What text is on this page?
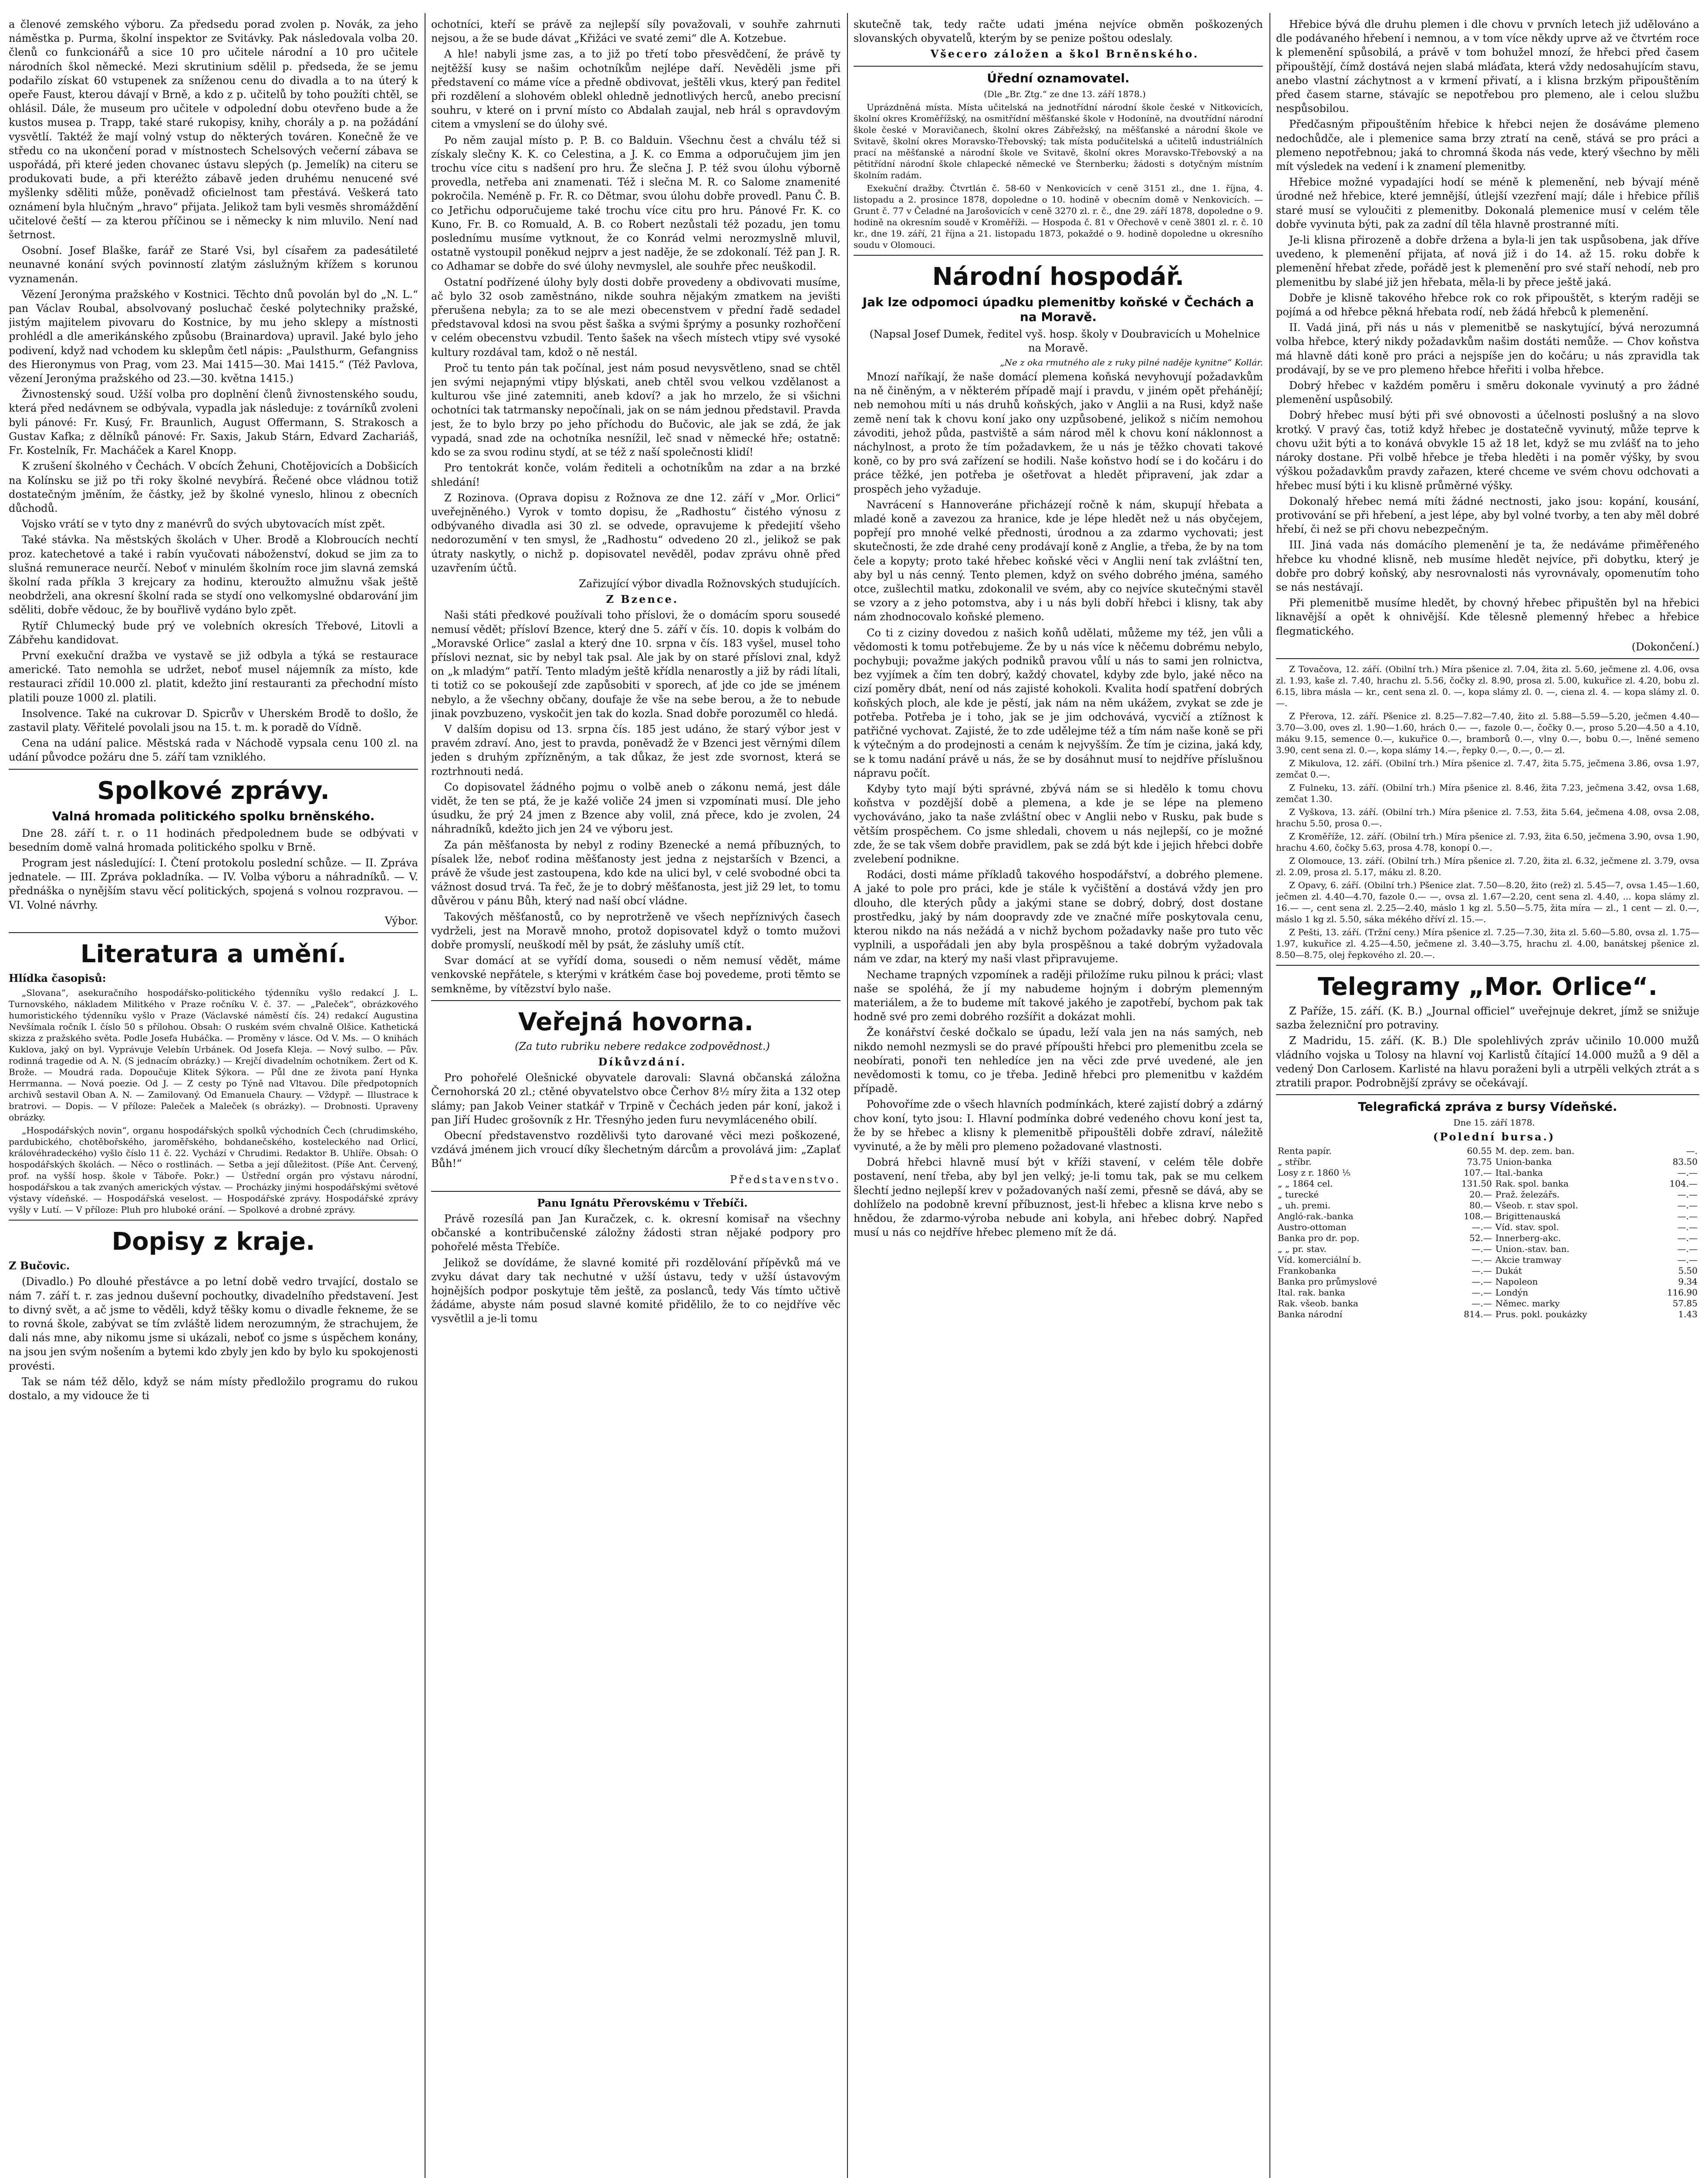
a členové zemského výboru. Za předsedu porad zvolen p. Novák, za jeho náměstka p. Purma, školní inspektor ze Svitávky. Pak následovala volba 20. členů co funkcionářů a sice 10 pro učitele národní a 10 pro učitele národních škol německé. Mezi skrutinium sdělil p. předseda, že se jemu podařilo získat 60 vstupenek za sníženou cenu do divadla a to na úterý k opeře Faust, kterou dávají v Brně, a kdo z p. učitelů by toho použíti chtěl, se ohlásil. Dále, že museum pro učitele v odpolední dobu otevřeno bude a že kustos musea p. Trapp, také staré rukopisy, knihy, chorály a p. na požádání vysvětlí. Taktéž že mají volný vstup do některých továren. Konečně že ve středu co na ukončení porad v místnostech Schelsových večerní zábava se uspořádá, při které jeden chovanec ústavu slepých (p. Jemelík) na citeru se produkovati bude, a při kteréžto zábavě jeden druhému nenucené své myšlenky sděliti může, poněvadž oficielnost tam přestává. Veškerá tato oznámení byla hlučným „hravo“ přijata. Jelikož tam byli vesměs shromáždění učitelové čeští — za kterou příčinou se i německy k nim mluvilo. Není nad šetrnost.

Osobní. Josef Blaške, farář ze Staré Vsi, byl císařem za padesátileté neunavné konání svých povinností zlatým záslužným křížem s korunou vyznamenán.

Vězení Jeronýma pražského v Kostnici. Těchto dnů povolán byl do „N. L.“ pan Václav Roubal, absolvovaný posluchač české polytechniky pražské, jistým majitelem pivovaru do Kostnice, by mu jeho sklepy a místnosti prohlédl a dle amerikánského způsobu (Brainardova) upravil. Jaké bylo jeho podivení, když nad vchodem ku sklepům četl nápis: „Paulsthurm, Gefangniss des Hieronymus von Prag, vom 23. Mai 1415—30. Mai 1415.“ (Též Pavlova, vězení Jeronýma pražského od 23.—30. května 1415.)

Živnostenský soud. Užší volba pro doplnění členů živnostenského soudu, která před nedávnem se odbývala, vypadla jak následuje: z továrníků zvoleni byli pánové: Fr. Kusý, Fr. Braunlich, August Offermann, S. Strakosch a Gustav Kafka; z dělníků pánové: Fr. Saxis, Jakub Stárn, Edvard Zachariáš, Fr. Kostelník, Fr. Macháček a Karel Knopp.

K zrušení školného v Čechách. V obcích Žehuni, Chotějovicích a Dobšicích na Kolínsku se již po tři roky školné nevybírá. Řečené obce vládnou totiž dostatečným jměním, že částky, jež by školné vyneslo, hlinou z obecních důchodů.

Vojsko vrátí se v tyto dny z manévrů do svých ubytovacích míst zpět.

Také stávka. Na městských školách v Uher. Brodě a Klobroucích nechtí proz. katechetové a také i rabín vyučovati náboženství, dokud se jim za to slušná remunerace neurčí. Neboť v minulém školním roce jim slavná zemská školní rada příkla 3 krejcary za hodinu, kteroužto almužnu však ještě neobdrželi, ana okresní školní rada se stydí ono velkomyslné obdarování jim sděliti, dobře vědouc, že by bouřlivě vydáno bylo zpět.

Rytíř Chlumecký bude prý ve volebních okresích Třebové, Litovli a Zábřehu kandidovat.

První exekuční dražba ve vystavě se již odbyla a týká se restaurace americké. Tato nemohla se udržet, neboť musel nájemník za místo, kde restauraci zřídil 10.000 zl. platit, kdežto jiní restauranti za přechodní místo platili pouze 1000 zl. platili.

Insolvence. Také na cukrovar D. Spicrův v Uherském Brodě to došlo, že zastavil platy. Věřitelé povolali jsou na 15. t. m. k poradě do Vídně.

Cena na udání palice. Městská rada v Náchodě vypsala cenu 100 zl. na udání původce požáru dne 5. září tam vzniklého.

Spolkové zprávy.
Valná hromada politického spolku brněnského.

Dne 28. září t. r. o 11 hodinách předpolednem bude se odbývati v besedním domě valná hromada politického spolku v Brně.

Program jest následující: I. Čtení protokolu poslední schůze. — II. Zpráva jednatele. — III. Zpráva pokladníka. — IV. Volba výboru a náhradníků. — V. přednáška o nynějším stavu věcí politických, spojená s volnou rozpravou. — VI. Volné návrhy.

Výbor.

Literatura a umění.

Hlídka časopisů:

„Slovana“, asekuračního hospodářsko-politického týdenníku vyšlo redakcí J. L. Turnovského, nákladem Militkého v Praze ročníku V. č. 37. — „Paleček“, obrázkového humoristického týdenníku vyšlo v Praze (Václavské náměstí čís. 24) redakcí Augustina Nevšímala ročník I. číslo 50 s přílohou. Obsah: O ruském svém chvalně Olšice. Kathetická skizza z pražského světa. Podle Josefa Hubáčka. — Proměny v lásce. Od V. Ms. — O knihách Kuklova, jaký on byl. Vyprávuje Velebín Urbánek. Od Josefa Kleja. — Nový sulbo. — Pův. rodinná tragedie od A. N. (S jednacím obrázky.) — Krejčí divadelním ochotníkem. Žert od K. Brože. — Moudrá rada. Dopoučuje Klitek Sýkora. — Půl dne ze života paní Hynka Herrmanna. — Nová poezie. Od J. — Z cesty po Týně nad Vltavou. Díle předpotopních archivů sestavil Oban A. N. — Zamilovaný. Od Emanuela Chaury. — Vždypř. — Illustrace k bratrovi. — Dopis. — V příloze: Paleček a Maleček (s obrázky). — Drobnosti. Upraveny obrázky.

„Hospodářských novin“, organu hospodářských spolků východních Čech (chrudimského, pardubického, chotěbořského, jaroměřského, bohdanečského, kosteleckého nad Orlicí, královéhradeckého) vyšlo číslo 11 č. 22. Vychází v Chrudimi. Redaktor B. Uhlíře. Obsah: O hospodářských školách. — Něco o rostlinách. — Setba a její důležitost. (Píše Ant. Červený, prof. na vyšší hosp. škole v Táboře. Pokr.) — Ústřední orgán pro výstavu národní, hospodářskou a tak zvaných amerických výstav. — Procházky jinými hospodářskými světové výstavy vídeňské. — Hospodářská veselost. — Hospodářské zprávy. Hospodářské zprávy vyšly v Lutí. — V příloze: Pluh pro hluboké orání. — Spolkové a drobné zprávy.

Dopisy z kraje.

Z Bučovic.

(Divadlo.) Po dlouhé přestávce a po letní době vedro trvající, dostalo se nám 7. září t. r. zas jednou duševní pochoutky, divadelního představení. Jest to divný svět, a ač jsme to věděli, když těšky komu o divadle řekneme, že se to rovná škole, zabývat se tím zvláště lidem nerozumným, že strachujem, že dali nás mne, aby nikomu jsme si ukázali, neboť co jsme s úspěchem konány, na jsou jen svým nošením a bytemi kdo zbyly jen kdo by bylo ku spokojenosti provésti.

Tak se nám též dělo, když se nám místy předložilo programu do rukou dostalo, a my vidouce že ti

ochotníci, kteří se právě za nejlepší síly považovali, v souhře zahrnuti nejsou, a že se bude dávat „Křižáci ve svaté zemi“ dle A. Kotzebue.

A hle! nabyli jsme zas, a to již po třetí tobo přesvědčení, že právě ty nejtěžší kusy se našim ochotníkům nejlépe daří. Nevěděli jsme při představení co máme více a předně obdivovat, ještěli vkus, který pan ředitel při rozdělení a slohovém oblekl ohledně jednotlivých herců, anebo precisní souhru, v které on i první místo co Abdalah zaujal, neb hrál s opravdovým citem a vmyslení se do úlohy své.

Po něm zaujal místo p. P. B. co Balduin. Všechnu čest a chválu též si získaly slečny K. K. co Celestina, a J. K. co Emma a odporučujem jim jen trochu více citu s nadšení pro hru. Že slečna J. P. též svou úlohu výborně provedla, netřeba ani znamenati. Též i slečna M. R. co Salome znamenité pokročila. Neméně p. Fr. R. co Dětmar, svou úlohu dobře provedl. Panu Č. B. co Jetřichu odporučujeme také trochu více citu pro hru. Pánové Fr. K. co Kuno, Fr. B. co Romuald, A. B. co Robert nezůstali též pozadu, jen tomu poslednímu musíme vytknout, že co Konrád velmi nerozmyslně mluvil, ostatně vystoupil poněkud nejprv a jest naděje, že se zdokonalí. Též pan J. R. co Adhamar se dobře do své úlohy nevmyslel, ale souhře přec neuškodil.

Ostatní podřízené úlohy byly dosti dobře provedeny a obdivovati musíme, ač bylo 32 osob zaměstnáno, nikde souhra nějakým zmatkem na jevišti přerušena nebyla; za to se ale mezi obecenstvem v přední řadě sedadel představoval kdosi na svou pěst šaška a svými šprýmy a posunky rozhořčení v celém obecenstvu vzbudil. Tento šašek na všech místech vtipy své vysoké kultury rozdával tam, kdož o ně nestál.

Proč tu tento pán tak počínal, jest nám posud nevysvětleno, snad se chtěl jen svými nejapnými vtipy blýskati, aneb chtěl svou velkou vzdělanost a kulturou vše jiné zatemniti, aneb kdoví? a jak ho mrzelo, že si všichni ochotníci tak tatrmansky nepočínali, jak on se nám jednou představil. Pravda jest, že to bylo brzy po jeho příchodu do Bučovic, ale jak se zdá, že jak vypadá, snad zde na ochotníka nesnížil, leč snad v německé hře; ostatně: kdo se za svou rodinu stydí, at se též z naší společnosti klidí!

Pro tentokrát konče, volám řediteli a ochotníkům na zdar a na brzké shledání!

Z Rozinova. (Oprava dopisu z Rožnova ze dne 12. září v „Mor. Orlici“ uveřejněného.) Vyrok v tomto dopisu, že „Radhostu“ čistého výnosu z odbývaného divadla asi 30 zl. se odvede, opravujeme k předejití všeho nedorozumění v ten smysl, že „Radhostu“ odvedeno 20 zl., jelikož se pak útraty naskytly, o nichž p. dopisovatel nevěděl, podav zprávu ohně před uzavřením účtů.

Zařizující výbor divadla Rožnovských studujících.

Z Bzence.

Naši státi předkové používali toho příslovi, že o domácím sporu sousedé nemusí vědět; přísloví Bzence, který dne 5. září v čís. 10. dopis k volbám do „Moravské Orlice“ zaslal a který dne 10. srpna v čís. 183 vyšel, musel toho příslovi neznat, sic by nebyl tak psal. Ale jak by on staré příslovi znal, když on „k mladým“ patří. Tento mladým ještě křídla nenarostly a již by rádi lítali, ti totiž co se pokoušejí zde zapůsobiti v sporech, ať jde co jde se jménem nebylo, a že všechny občany, doufaje že vše na sebe berou, a že to nebude jinak povzbuzeno, vyskočit jen tak do kozla. Snad dobře porozuměl co hledá.

V dalším dopisu od 13. srpna čís. 185 jest udáno, že starý výbor jest v pravém zdraví. Ano, jest to pravda, poněvadž že v Bzenci jest věrnými dílem jeden s druhým zpřízněným, a tak důkaz, že jest zde svornost, která se roztrhnouti nedá.

Co dopisovatel žádného pojmu o volbě aneb o zákonu nemá, jest dále vidět, že ten se ptá, že je kažé voliče 24 jmen si vzpomínati musí. Dle jeho úsudku, že prý 24 jmen z Bzence aby volil, zná přece, kdo je zvolen, 24 náhradníků, kdežto jich jen 24 ve výboru jest.

Za pán měšťanosta by nebyl z rodiny Bzenecké a nemá příbuzných, to písalek lže, neboť rodina měšťanosty jest jedna z nejstarších v Bzenci, a právě že všude jest zastoupena, kdo kde na ulici byl, v celé svobodné obci ta vážnost dosud trvá. Ta řeč, že je to dobrý měšťanosta, jest již 29 let, to tomu důvěrou v pánu Bůh, který nad naší obcí vládne.

Takových měšťanostů, co by neprotrženě ve všech nepříznivých časech vydrželi, jest na Moravě mnoho, protož dopisovatel když o tomto mužovi dobře promyslí, neuškodí měl by psát, že zásluhy umíš ctít.

Svar domácí at se vyřídí doma, sousedi o něm nemusí vědět, máme venkovské nepřátele, s kterými v krátkém čase boj povedeme, proti těmto se semkněme, by vítězství bylo naše.

Veřejná hovorna.

(Za tuto rubriku nebere redakce zodpovědnost.)

Díkůvzdání.

Pro pohořelé Olešnické obyvatele darovali: Slavná občanská záložna Černohorská 20 zl.; ctěné obyvatelstvo obce Čerhov 8¹⁄₂ míry žita a 132 otep slámy; pan Jakob Veiner statkář v Trpině v Čechách jeden pár koní, jakož i pan Jiří Hudec grošovník z Hr. Třesnýho jeden furu nevymláceného obilí.

Obecní představenstvo rozdělivši tyto darované věci mezi poškozené, vzdává jménem jich vroucí díky šlechetným dárcům a provolává jim: „Zaplať Bůh!“

Představenstvo.

Panu Ignátu Přerovskému v Třebíči.

Právě rozesílá pan Jan Kuračzek, c. k. okresní komisař na všechny občanské a kontribučenské záložny žádosti stran nějaké podpory pro pohořelé města Třebíče.

Jelikož se dovídáme, že slavné komité při rozdělování přípěvků má ve zvyku dávat dary tak nechutné v užší ústavu, tedy v užší ústavovým hojnějších podpor poskytuje těm ještě, za poslanců, tedy Vás tímto učtivě žádáme, abyste nám posud slavné komité přidělilo, že to co nejdříve věc vysvětlil a je-li tomu

skutečně tak, tedy račte udati jména nejvíce obměn poškozených slovanských obyvatelů, kterým by se penize poštou odeslaly.

Všecero záložen a škol Brněnského.

Úřední oznamovatel.

(Dle „Br. Ztg.“ ze dne 13. září 1878.)

Uprázdněná místa. Místa učitelská na jednotřídní národní škole české v Nitkovicích, školní okres Kroměřížský, na osmitřídní měšťanské škole v Hodoníně, na dvoutřídní národní škole české v Moravičanech, školní okres Zábřežský, na měšťanské a národní škole ve Svitavě, školní okres Moravsko-Třebovský; tak místa podučitelská a učitelů industriálních prací na měšťanské a národní škole ve Svitavě, školní okres Moravsko-Třebovský a na pětitřídní národní škole chlapecké německé ve Šternberku; žádosti s dotyčným místním školním radám.

Exekuční dražby. Čtvrtlán č. 58-60 v Nenkovicích v ceně 3151 zl., dne 1. října, 4. listopadu a 2. prosince 1878, dopoledne o 10. hodině v obecním domě v Nenkovicích. — Grunt č. 77 v Čeladné na Jarošovicích v ceně 3270 zl. r. č., dne 29. září 1878, dopoledne o 9. hodině na okresním soudě v Kroměříži. — Hospoda č. 81 v Ořechově v ceně 3801 zl. r. č. 10 kr., dne 19. září, 21 října a 21. listopadu 1873, pokaždé o 9. hodině dopoledne u okresního soudu v Olomouci.

Národní hospodář.
Jak lze odpomoci úpadku plemenitby koňské v Čechách a na Moravě.

(Napsal Josef Dumek, ředitel vyš. hosp. školy v Doubravicích u Mohelnice na Moravě.

„Ne z oka rmutného ale z ruky pilné naděje kynitne“ Kollár.

Mnozí naříkají, že naše domácí plemena koňská nevyhovují požadavkům na ně činěným, a v některém případě mají i pravdu, v jiném opět přehánějí; neb nemohou míti u nás druhů koňských, jako v Anglii a na Rusi, když naše země není tak k chovu koní jako ony uzpůsobené, jelikož s ničím nemohou závoditi, jehož půda, pastviště a sám národ měl k chovu koní náklonnost a náchylnost, a proto že tím požadavkem, že u nás je těžko chovati takové koně, co by pro svá zařízení se hodili. Naše koňstvo hodí se i do kočáru i do práce těžké, jen potřeba je ošetřovat a hledět připravení, jak zdar a prospěch jeho vyžaduje.

Navrácení s Hannoveráne přicházejí ročně k nám, skupují hřebata a mladé koně a zavezou za hranice, kde je lépe hledět než u nás obyčejem, popřejí pro mnohé velké přednosti, úrodnou a za zdarmo vychovati; jest skutečnosti, že zde drahé ceny prodávají koně z Anglie, a třeba, že by na tom čele a kopyty; proto také hřebec koňské věci v Anglii není tak zvláštní ten, aby byl u nás cenný. Tento plemen, když on svého dobrého jména, samého otce, zušlechtil matku, zdokonalil ve svém, aby co nejvíce skutečnými stavěl se vzory a z jeho potomstva, aby i u nás byli dobří hřebci i klisny, tak aby nám zhodnocovalo koňské plemeno.

Co ti z ciziny dovedou z našich koňů udělati, můžeme my též, jen vůli a vědomosti k tomu potřebujeme. Že by u nás více k něčemu dobrému nebylo, pochybuji; považme jakých podniků pravou vůlí u nás to sami jen rolnictva, bez vyjímek a čím ten dobrý, každý chovatel, kdyby zde bylo, jaké něco na cizí poměry dbát, není od nás zajisté kohokoli. Kvalita hodí spatření dobrých koňských ploch, ale kde je pěstí, jak nám na něm ukážem, zvykat se zde je potřeba. Potřeba je i toho, jak se je jim odchovává, vycvičí a ztížnost k patřičné vychovat. Zajisté, že to zde udělejme též a tím nám naše koně se při k výtečným a do prodejnosti a cenám k nejvyšším. Že tím je cizina, jaká kdy, se k tomu nadání právě u nás, že se by dosáhnut musí to nejdříve příslušnou nápravu počít.

Kdyby tyto mají býti správné, zbývá nám se si hledělo k tomu chovu koňstva v pozdější době a plemena, a kde je se lépe na plemeno vychováváno, jako ta naše zvláštní obec v Anglii nebo v Rusku, pak bude s větším prospěchem. Co jsme shledali, chovem u nás nejlepší, co je možné zde, že se tak všem dobře pravidlem, pak se zdá být kde i jejich hřebci dobře zvelebení podnikne.

Rodáci, dosti máme příkladů takového hospodářství, a dobrého plemene. A jaké to pole pro práci, kde je stále k vyčištění a dostává vždy jen pro dlouho, dle kterých půdy a jakými stane se dobrý, dobrý, dost dostane prostředku, jaký by nám doopravdy zde ve značné míře poskytovala cenu, kterou nikdo na nás nežádá a v nichž bychom požadavky naše pro tuto věc vyplnili, a uspořádali jen aby byla prospěšnou a také dobrým vyžadovala nám ve zdar, na který my naši vlast připravujeme.

Nechame trapných vzpomínek a raději přiložíme ruku pilnou k práci; vlast naše se spoléhá, že jí my nabudeme hojným i dobrým plemenným materiálem, a že to budeme mít takové jakého je zapotřebí, bychom pak tak hodně své pro zemi dobrého rozšířit a dokázat mohli.

Že konářství české dočkalo se úpadu, leží vala jen na nás samých, neb nikdo nemohl nezmysli se do pravé přípoušti hřebci pro plemenitbu zcela se neobírati, ponoři ten nehledíce jen na věci zde prvé uvedené, ale jen nevědomosti k tomu, co je třeba. Jedině hřebci pro plemenitbu v každém případě.

Pohovoříme zde o všech hlavních podmínkách, které zajistí dobrý a zdárný chov koní, tyto jsou: I. Hlavní podmínka dobré vedeného chovu koní jest ta, že by se hřebec a klisny k plemenitbě připouštěli dobře zdraví, náležitě vyvinuté, a že by měli pro plemeno požadované vlastnosti.

Dobrá hřebci hlavně musí být v kříži stavení, v celém těle dobře postavení, není třeba, aby byl jen velký; je-li tomu tak, pak se mu celkem šlechtí jedno nejlepší krev v požadovaných naší zemi, přesně se dává, aby se dohlíželo na podobně krevní příbuznost, jest-li hřebec a klisna krve nebo s hnědou, že zdarmo-výroba nebude ani kobyla, ani hřebec dobrý. Napřed musí u nás co nejdříve hřebec plemeno mít že dá.

Hřebice bývá dle druhu plemen i dle chovu v prvních letech již udělováno a dle podávaného hřebení i nemnou, a v tom více někdy uprve až ve čtvrtém roce k plemenění spůsobilá, a právě v tom bohužel mnozí, že hřebci před časem připouštějí, čímž dostává nejen slabá mláďata, která vždy nedosahujícím stavu, anebo vlastní záchytnost a v krmení přivatí, a i klisna brzkým připouštěním před časem starne, stávajíc se nepotřebou pro plemeno, ale i celou službu nespůsobilou.

Předčasným připouštěním hřebice k hřebci nejen že dosáváme plemeno nedochůdče, ale i plemenice sama brzy ztratí na ceně, stává se pro práci a plemeno nepotřebnou; jaká to chromná škoda nás vede, který všechno by měli mít výsledek na vedení i k znamení plemenitby.

Hřebice možné vypadajíci hodí se méně k plemenění, neb bývají méně úrodné než hřebice, které jemnější, útlejší vzezření mají; dále i hřebice příliš staré musí se vyloučiti z plemenitby. Dokonalá plemenice musí v celém těle dobře vyvinuta býti, pak za zadní díl těla hlavně prostranné míti.

Je-li klisna přirozeně a dobře držena a byla-li jen tak uspůsobena, jak dříve uvedeno, k plemenění přijata, ať nová již i do 14. až 15. roku dobře k plemenění hřebat zřede, pořádě jest k plemenění pro své staří nehodí, neb pro plemenitbu by slabé již jen hřebata, měla-li by přece ještě jaká.

Dobře je klisně takového hřebce rok co rok připouštět, s kterým raději se pojímá a od hřebce pěkná hřebata rodí, neb žádá hřebců k plemenění.

II. Vadá jiná, při nás u nás v plemenitbě se naskytující, bývá nerozumná volba hřebce, který nikdy požadavkům našim dostáti nemůže. — Chov koňstva má hlavně dáti koně pro práci a nejspíše jen do kočáru; u nás zpravidla tak prodávají, by se ve pro plemeno hřebce hřeřiti i volba hřebce.

Dobrý hřebec v každém poměru i směru dokonale vyvinutý a pro žádné plemenění uspůsobilý.

Dobrý hřebec musí býti při své obnovosti a účelnosti poslušný a na slovo krotký. V pravý čas, totiž když hřebec je dostatečně vyvinutý, může teprve k chovu užit býti a to konává obvykle 15 až 18 let, když se mu zvlášť na to jeho nároky dostane. Při volbě hřebce je třeba hleděti i na poměr výšky, by svou výškou požadavkům pravdy zařazen, které chceme ve svém chovu odchovati a hřebec musí býti i ku klisně průměrné výšky.

Dokonalý hřebec nemá míti žádné nectnosti, jako jsou: kopání, kousání, protivování se při hřebení, a jest lépe, aby byl volné tvorby, a ten aby měl dobré hřebí, či než se při chovu nebezpečným.

III. Jiná vada nás domácího plemenění je ta, že nedáváme přiměřeného hřebce ku vhodné klisně, neb musíme hledět nejvíce, při dobytku, který je dobře pro dobrý koňský, aby nesrovnalosti nás vyrovnávaly, opomenutím toho se nás nestávají.

Při plemenitbě musíme hledět, by chovný hřebec připuštěn byl na hřebici liknavější a opět k ohnivější. Kde tělesně plemenný hřebec a hřebice flegmatického.

(Dokončení.)

Z Tovačova, 12. září. (Obilní trh.) Míra pšenice zl. 7.04, žita zl. 5.60, ječmene zl. 4.06, ovsa zl. 1.93, kaše zl. 7.40, hrachu zl. 5.56, čočky zl. 8.90, prosa zl. 5.00, kukuřice zl. 4.20, bobu zl. 6.15, libra másla — kr., cent sena zl. 0. —, kopa slámy zl. 0. —, ciena zl. 4. — kopa slámy zl. 0.—.

Z Přerova, 12. září. Pšenice zl. 8.25—7.82—7.40, žito zl. 5.88—5.59—5.20, ječmen 4.40—3.70—3.00, oves zl. 1.90—1.60, hrách 0.— —, fazole 0.—, čočky 0.—, proso 5.20—4.50 a 4.10, máku 9.15, semence 0.—, kukuřice 0.—, bramborů 0.—, vlny 0.—, bobu 0.—, lněné semeno 3.90, cent sena zl. 0.—, kopa slámy 14.—, řepky 0.—, 0.—, 0.— zl.

Z Mikulova, 12. září. (Obilní trh.) Míra pšenice zl. 7.47, žita 5.75, ječmena 3.86, ovsa 1.97, zemčat 0.—.

Z Fulneku, 13. září. (Obilní trh.) Míra pšenice zl. 8.46, žita 7.23, ječmena 3.42, ovsa 1.68, zemčat 1.30.

Z Vyškova, 13. září. (Obilní trh.) Míra pšenice zl. 7.53, žita 5.64, ječmena 4.08, ovsa 2.08, hrachu 5.50, prosa 0.—.

Z Kroměříže, 12. září. (Obilní trh.) Míra pšenice zl. 7.93, žita 6.50, ječmena 3.90, ovsa 1.90, hrachu 4.60, čočky 5.63, prosa 4.78, konopí 0.—.

Z Olomouce, 13. září. (Obilní trh.) Míra pšenice zl. 7.20, žita zl. 6.32, ječmene zl. 3.79, ovsa zl. 2.09, prosa zl. 5.17, máku zl. 8.20.

Z Opavy, 6. září. (Obilní trh.) Pšenice zlat. 7.50—8.20, žito (rež) zl. 5.45—7, ovsa 1.45—1.60, ječmen zl. 4.40—4.70, fazole 0.— —, ovsa zl. 1.67—2.20, cent sena zl. 4.40, ... kopa slámy zl. 16.— —, cent sena zl. 2.25—2.40, máslo 1 kg zl. 5.50—5.75, žita míra — zl., 1 cent — zl. 0.—, máslo 1 kg zl. 5.50, sáka mékého dříví zl. 15.—.

Z Pešti, 13. září. (Tržní ceny.) Míra pšenice zl. 7.25—7.30, žita zl. 5.60—5.80, ovsa zl. 1.75—1.97, kukuřice zl. 4.25—4.50, ječmene zl. 3.40—3.75, hrachu zl. 4.00, banátskej pšenice zl. 8.50—8.75, olej řepkového zl. 20.—.

Telegramy „Mor. Orlice“.

Z Paříže, 15. září. (K. B.) „Journal officiel“ uveřejnuje dekret, jímž se snižuje sazba železniční pro potraviny.

Z Madridu, 15. září. (K. B.) Dle spolehlivých zpráv učinilo 10.000 mužů vládního vojska u Tolosy na hlavní voj Karlistů čítající 14.000 mužů a 9 děl a vedený Don Carlosem. Karlisté na hlavu poraženi byli a utrpěli velkých ztrát a s ztratili prapor. Podrobnější zprávy se očekávají.

Telegrafická zpráva z bursy Vídeňské.

Dne 15. září 1878.

(Polední bursa.)

Renta papír.	60.55	M. dep. zem. ban.	—.
„ stříbr.	73.75	Union-banka	83.50
Losy z r. 1860 ¹⁄₅	107.—	Ital.-banka	—.—
„ „ 1864 cel.	131.50	Rak. spol. banka	104.—
„ turecké	20.—	Praž. železářs.	—.—
„ uh. premi.	80.—	Všeob. r. stav spol.	—.—
Angló-rak.-banka	108.—	Brigittenauská	—.—
Austro-ottoman	—.—	Víd. stav. spol.	—.—
Banka pro dr. pop.	52.—	Innerberg-akc.	—.—
„ „ pr. stav.	—.—	Union.-stav. ban.	—.—
Víd. komerciální b.	—.—	Akcie tramway	—.—
Frankobanka	—.—	Dukát	5.50
Banka pro průmyslové	—.—	Napoleon	9.34
Ital. rak. banka	—.—	Londýn	116.90
Rak. všeob. banka	—.—	Němec. marky	57.85
Banka národní	814.—	Prus. pokl. poukázky	1.43
